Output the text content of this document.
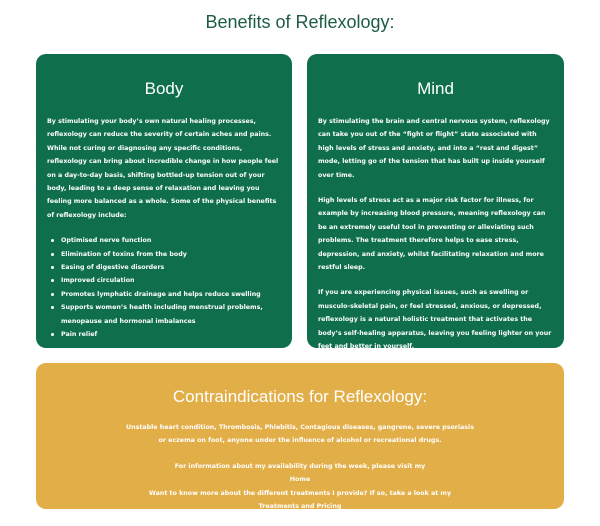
Benefits of Reflexology:
Body

By stimulating your body’s own natural healing processes, reflexology can reduce the severity of certain aches and pains. While not curing or diagnosing any specific conditions, reflexology can bring about incredible change in how people feel on a day-to-day basis, shifting bottled-up tension out of your body, leading to a deep sense of relaxation and leaving you feeling more balanced as a whole. Some of the physical benefits of reflexology include:

Optimised nerve function
Elimination of toxins from the body
Easing of digestive disorders
Improved circulation
Promotes lymphatic drainage and helps reduce swelling
Supports women’s health including menstrual problems, menopause and hormonal imbalances
Pain relief
Mind

By stimulating the brain and central nervous system, reflexology can take you out of the “fight or flight” state associated with high levels of stress and anxiety, and into a “rest and digest” mode, letting go of the tension that has built up inside yourself over time.

High levels of stress act as a major risk factor for illness, for example by increasing blood pressure, meaning reflexology can be an extremely useful tool in preventing or alleviating such problems. The treatment therefore helps to ease stress, depression, and anxiety, whilst facilitating relaxation and more restful sleep.

If you are experiencing physical issues, such as swelling or musculo-skeletal pain, or feel stressed, anxious, or depressed, reflexology is a natural holistic treatment that activates the body’s self-healing apparatus, leaving you feeling lighter on your feet and better in yourself.

Contraindications for Reflexology:
Unstable heart condition, Thrombosis, Phlebitis, Contagious diseases, gangrene, severe psoriasis
or eczema on foot, anyone under the influence of alcohol or recreational drugs.
For information about my availability during the week, please visit my
Home
Want to know more about the different treatments I provide? If so, take a look at my
Treatments and Pricing
